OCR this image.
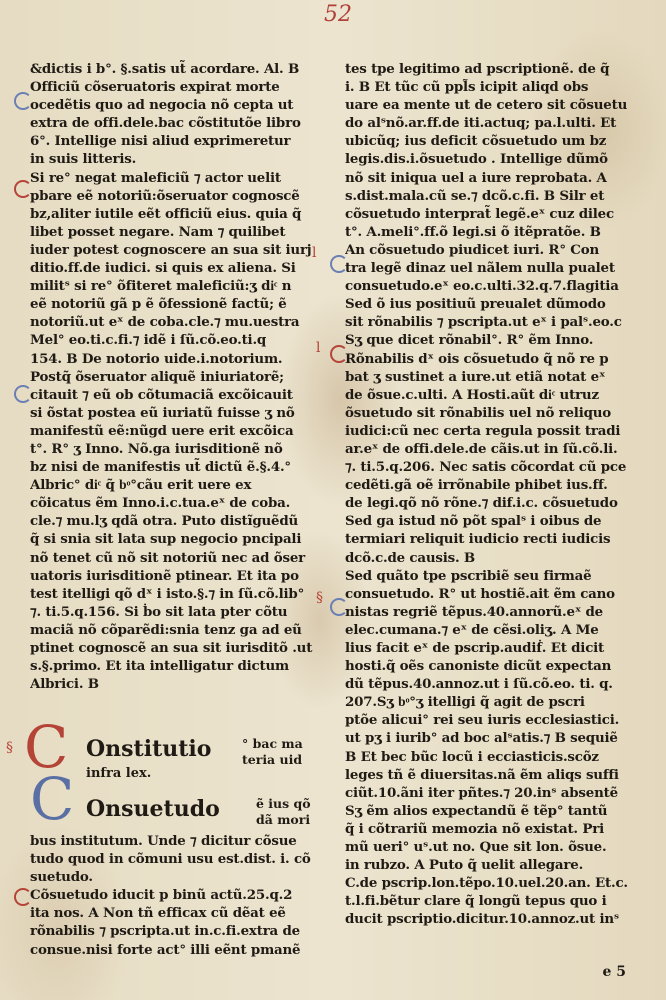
52
§
l
l
§
&dictis i b°. §.satis ut̃ acordare. Al. B
Officiũ cõseruatoris expirat morte
ocedẽtis quo ad negocia nõ cepta ut
extra de offi.dele.bac cõstitutõe libro
6°. Intellige nisi aliud exprimeretur
in suis litteris.
Si re° negat maleficiũ ⁊ actor uelit
pbare eẽ notoriũ:õseruator cognoscẽ
bz,aliter iutile eẽt officiũ eius. quia q̃
libet posset negare. Nam ⁊ quilibet
iuder potest cognoscere an sua sit iurj
ditio.ff.de iudici. si quis ex aliena. Si
militˢ si re° õfiteret maleficiũ:ʒ diͨ n
eẽ notoriũ gã p ẽ õfessionẽ factũ; ẽ
notoriũ.ut eˣ de coba.cle.⁊ mu.uestra
Mel° eo.ti.c.fi.⁊ idẽ i ſũ.cõ.eo.ti.q
154. B De notorio uide.i.notorium.
Postq̃ õseruator aliquẽ iniuriatorẽ;
citauit ⁊ eũ ob cõtumaciã excõicauit
si õstat postea eũ iuriatũ fuisse ʒ nõ
manifestũ eẽ:nũgd uere erit excõica
t°. R° ʒ Inno. Nõ.ga iurisditionẽ nõ
bz nisi de manifestis ut̃ dictũ ẽ.§.4.°
Albric° diͨ q̃ bͦ°cãu erit uere ex
cõicatus ẽm Inno.i.c.tua.eˣ de coba.
cle.⁊ mu.lʒ qdã otra. Puto distĩguẽdũ
q̃ si snia sit lata sup negocio pncipali
nõ tenet cũ nõ sit notoriũ nec ad õser
uatoris iurisditionẽ ptinear. Et ita po
test itelligi qõ dˣ i isto.§.⁊ in ſũ.cõ.lib°
⁊. ti.5.q.156. Si ḃo sit lata pter cõtu
maciã nõ cõparẽdi:snia tenz ga ad eũ
ptinet cognoscẽ an sua sit iurisditõ .ut
s.§.primo. Et ita intelligatur dictum
Albrici. B
C Onstitutio ° bac ma
teria uid
infra lex.
C Onsuetudo	ẽ ius qõ
dã mori
bus institutum. Unde ⁊ dicitur cõsue
tudo quod in cõmuni usu est.dist. i. cõ
suetudo.
Cõsuetudo iducit p binũ actũ.25.q.2
ita nos. A Non tñ efficax cũ dẽat eẽ
rõnabilis ⁊ pscripta.ut in.c.fi.extra de
consue.nisi forte act° illi eẽnt pmanẽ
tes tpe legitimo ad pscriptionẽ. de q̃
i. B Et tũc cũ ppl̃s icipit aliqd obs
uare ea mente ut de cetero sit cõsuetu
do alˢnõ.ar.ff.de iti.actuq; pa.l.ulti. Et
ubicũq; ius deficit cõsuetudo um bz
legis.dis.i.õsuetudo . Intellige dũmõ
nõ sit iniqua uel a iure reprobata. A
s.dist.mala.cũ se.⁊ dcõ.c.fi. B Silr et
cõsuetudo interprat̃ legẽ.eˣ cuz dilec
t°. A.meli°.ff.õ legi.si õ itẽpratõe. B
An cõsuetudo piudicet iuri. R° Con
tra legẽ dinaz uel nãlem nulla pualet
consuetudo.eˣ eo.c.ulti.32.q.7.flagitia
Sed õ ius positiuũ preualet dũmodo
sit rõnabilis ⁊ pscripta.ut eˣ i palˢ.eo.c
Sʒ que dicet rõnabil°. R° ẽm Inno.
Rõnabilis dˣ ois cõsuetudo q̃ nõ re p
bat ʒ sustinet a iure.ut etiã notat eˣ
de õsue.c.ulti. A Hosti.aũt diͨ utruz
õsuetudo sit rõnabilis uel nõ reliquo
iudici:cũ nec certa regula possit tradi
ar.eˣ de offi.dele.de cãis.ut in ſũ.cõ.li.
⁊. ti.5.q.206. Nec satis cõcordat cũ pce
cedẽti.gã oẽ irrõnabile phibet ius.ff.
de legi.qõ nõ rõne.⁊ dif.i.c. cõsuetudo
Sed ga istud nõ põt spalˢ i oibus de
termiari reliquit iudicio recti iudicis
dcõ.c.de causis. B
Sed quãto tpe pscribiẽ seu firmaẽ
consuetudo. R° ut hostiẽ.ait ẽm cano
nistas regriẽ tẽpus.40.annorũ.eˣ de
elec.cumana.⁊ eˣ de cẽsi.oliʒ. A Me
lius facit eˣ de pscrip.audiḟ. Et dicit
hosti.q̃ oẽs canoniste dicũt expectan
dũ tẽpus.40.annoz.ut i ſũ.cõ.eo. ti. q.
207.Sʒ bͦ°ʒ itelligi q̃ agit de pscri
ptõe alicui° rei seu iuris ecclesiastici.
ut pʒ i iurib° ad boc alˢatis.⁊ B sequiẽ
B Et bec bũc locũ i ecciasticis.scõz
leges tñ ẽ diuersitas.nã ẽm aliqs suffi
ciũt.10.ãni iter pñtes.⁊ 20.inˢ absentẽ
Sʒ ẽm alios expectandũ ẽ tẽp° tantũ
q̃ i cõtrariũ memozia nõ existat. Pri
mũ ueri° uˢ.ut no. Que sit lon. õsue.
in rubzo. A Puto q̃ uelit allegare.
C.de pscrip.lon.tẽpo.10.uel.20.an. Et.c.
t.l.fi.bẽtur clare q̃ longũ tepus quo i
ducit pscriptio.dicitur.10.annoz.ut inˢ
e 5
